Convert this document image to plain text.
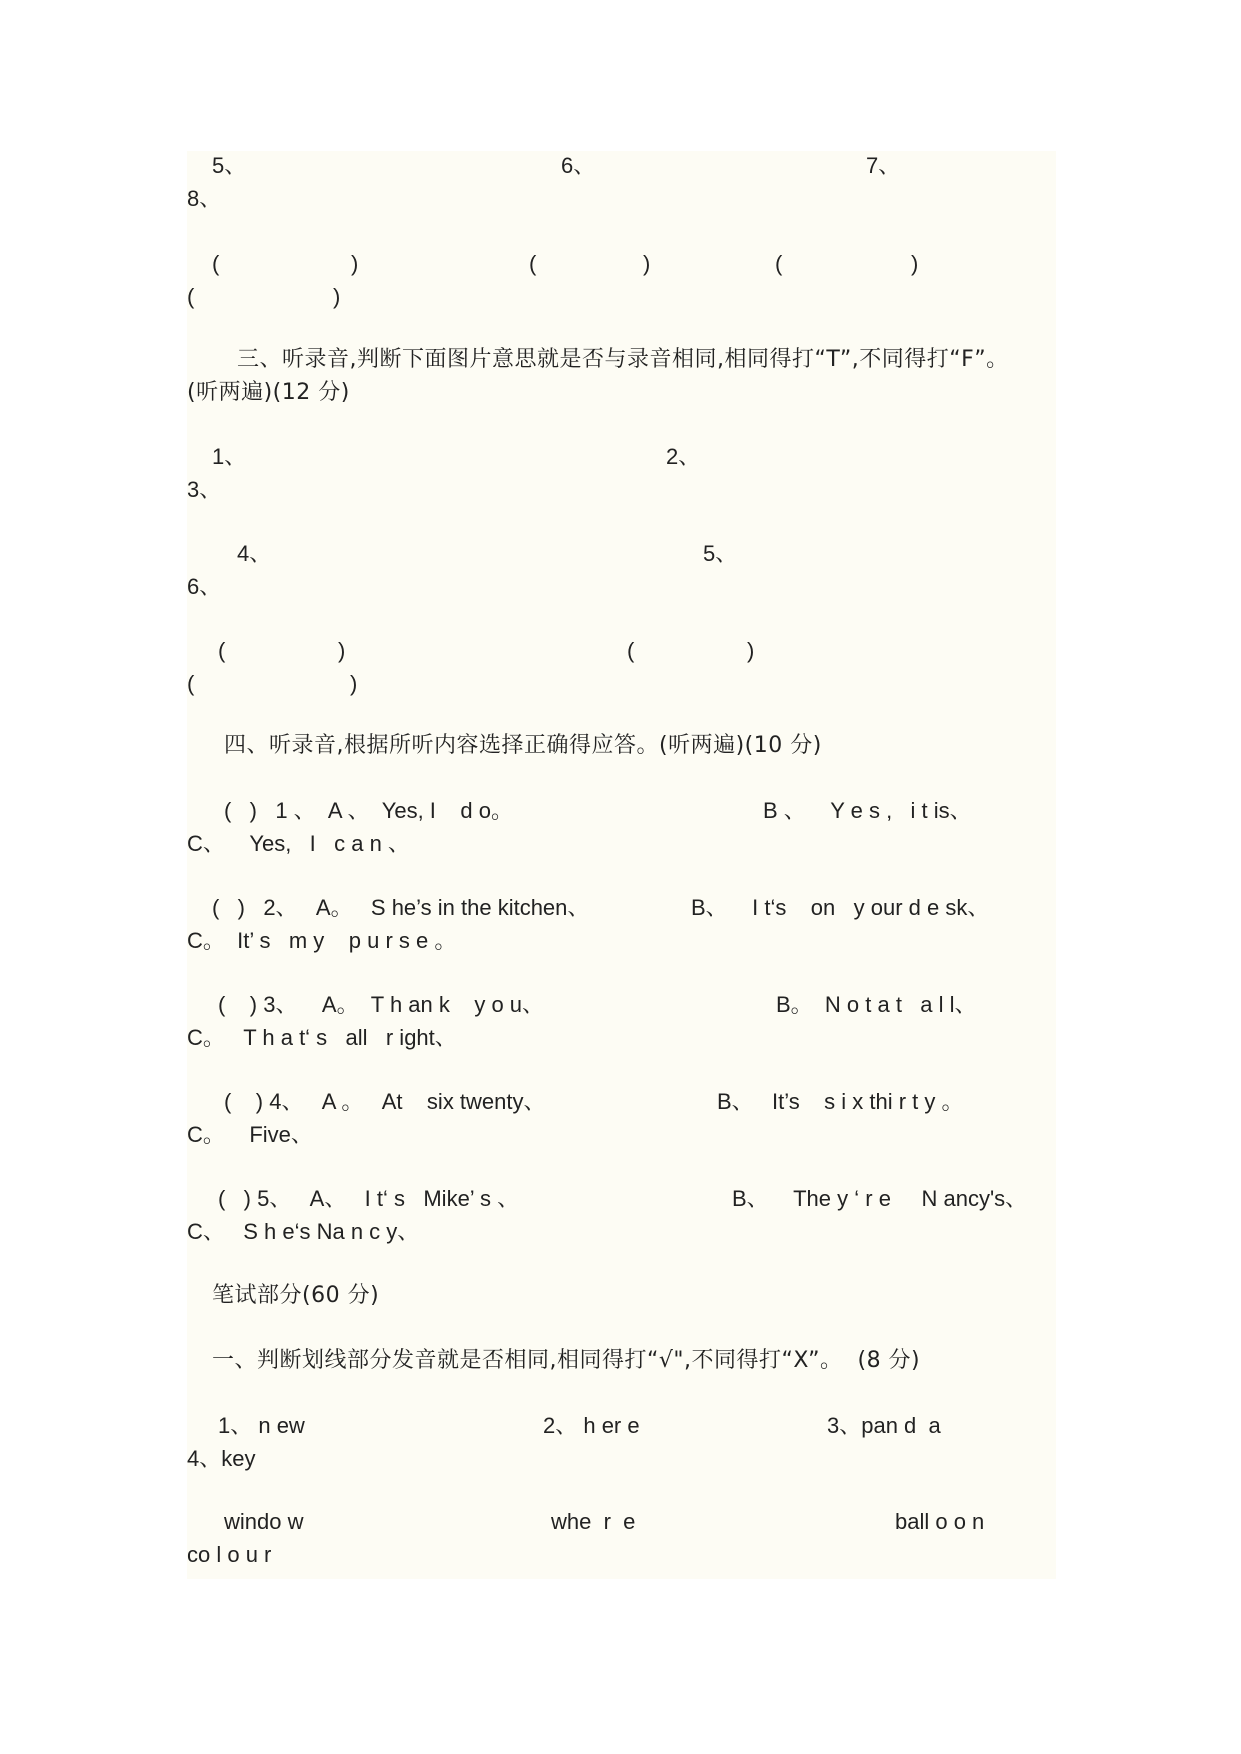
5、	6、	7、
8、
(	)	(	)	(	)
(	)
三、听录音,判断下面图片意思就是否与录音相同,相同得打“T”,不同得打“F”。
(听两遍)(12 分)
1、	2、
3、
4、	5、
6、
(	)	(	)
(	)
四、听录音,根据所听内容选择正确得应答。(听两遍)(10 分)
(   )   1 、  A 、  Yes, I    d o。	B 、    Y e s ,   i t is、
C、    Yes,   I   c a n 、
(   )   2、   A。   S he’s in the kitchen、	B、    I t‘s    on   y our d e sk、
C。  It’ s   m y    p u r s e 。
(    ) 3、    A。  T h an k    y o u、	B。  N o t a t   a l l、
C。   T h a t‘ s   all   r ight、
(    ) 4、   A 。   At    six twenty、	B、   It’s    s i x thi r t y 。
C。    Five、
(   ) 5、   A、   I t‘ s   Mike’ s 、	B、    The y ‘ r e     N ancy's、
C、   S h e‘s Na n c y、
笔试部分(60 分)
一、判断划线部分发音就是否相同,相同得打“√",不同得打“X”。  (8 分)
1、 n ew	2、 h er e	3、pan d  a
4、key
windo w	whe  r  e	ball o o n
co l o u r
